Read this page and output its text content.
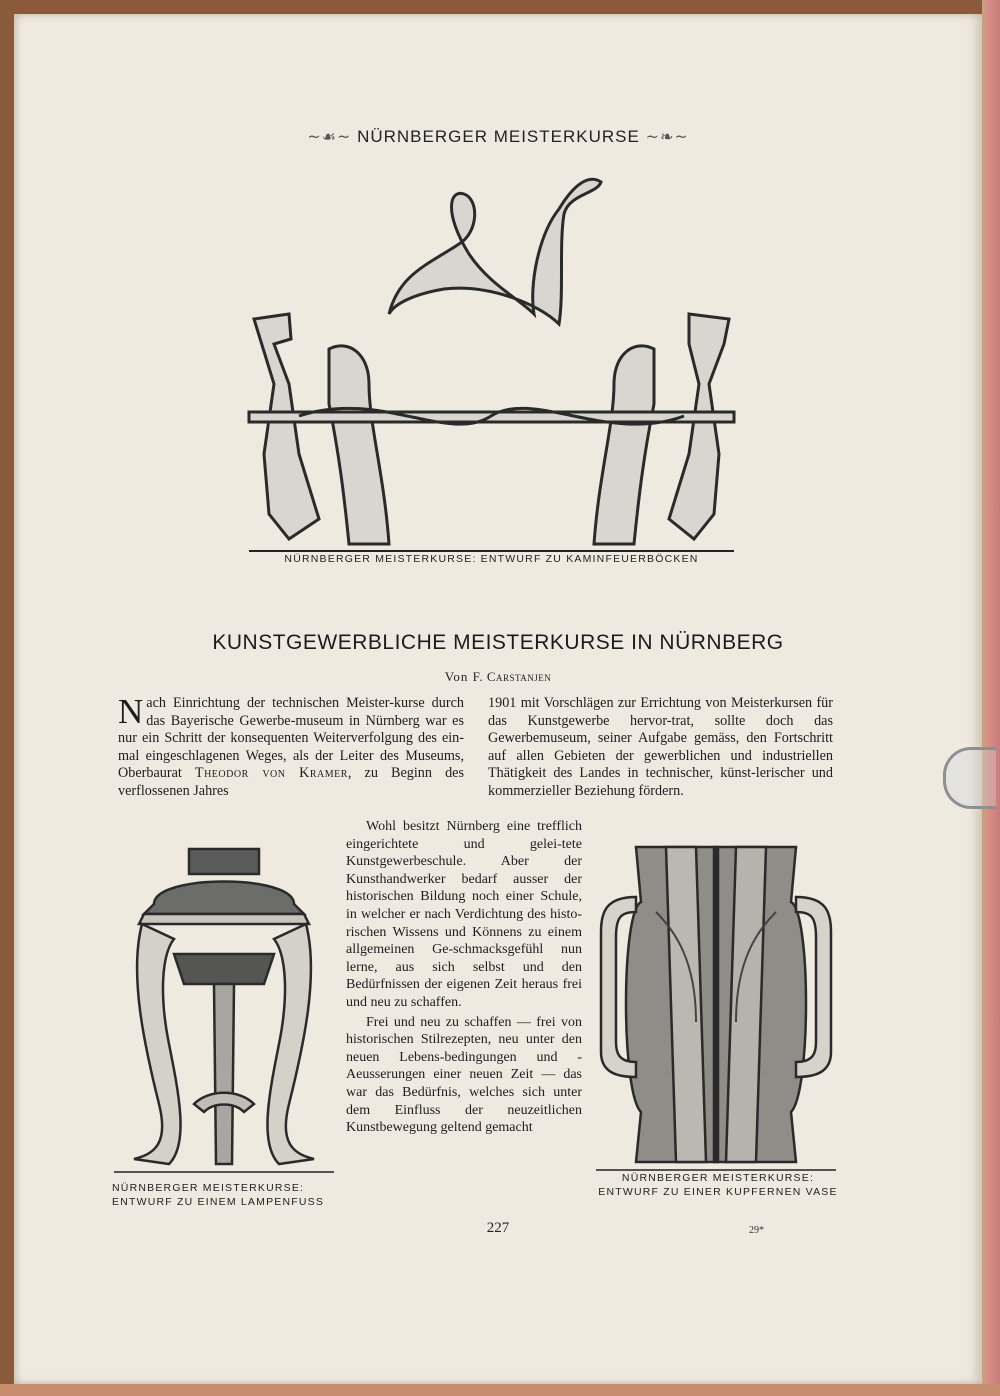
~☙~ NÜRNBERGER MEISTERKURSE ~❧~
NÜRNBERGER MEISTERKURSE: ENTWURF ZU KAMINFEUERBÖCKEN
KUNSTGEWERBLICHE MEISTERKURSE IN NÜRNBERG
Von F. Carstanjen

Nach Einrichtung der technischen Meister-kurse durch das Bayerische Gewerbe-museum in Nürnberg war es nur ein Schritt der konsequenten Weiterverfolgung des ein-mal eingeschlagenen Weges, als der Leiter des Museums, Oberbaurat Theodor von Kramer, zu Beginn des verflossenen Jahres

1901 mit Vorschlägen zur Errichtung von Meisterkursen für das Kunstgewerbe hervor-trat, sollte doch das Gewerbemuseum, seiner Aufgabe gemäss, den Fortschritt auf allen Gebieten der gewerblichen und industriellen Thätigkeit des Landes in technischer, künst-lerischer und kommerzieller Beziehung fördern.

Wohl besitzt Nürnberg eine trefflich eingerichtete und gelei-tete Kunstgewerbeschule. Aber der Kunsthandwerker bedarf ausser der historischen Bildung noch einer Schule, in welcher er nach Verdichtung des histo-rischen Wissens und Könnens zu einem allgemeinen Ge-schmacksgefühl nun lerne, aus sich selbst und den Bedürfnissen der eigenen Zeit heraus frei und neu zu schaffen.

Frei und neu zu schaffen — frei von historischen Stilrezepten, neu unter den neuen Lebens-bedingungen und -Aeusserungen einer neuen Zeit — das war das Bedürfnis, welches sich unter dem Einfluss der neuzeitlichen Kunstbewegung geltend gemacht

NÜRNBERGER MEISTERKURSE:
ENTWURF ZU EINEM LAMPENFUSS
NÜRNBERGER MEISTERKURSE:
ENTWURF ZU EINER KUPFERNEN VASE
227	29*
